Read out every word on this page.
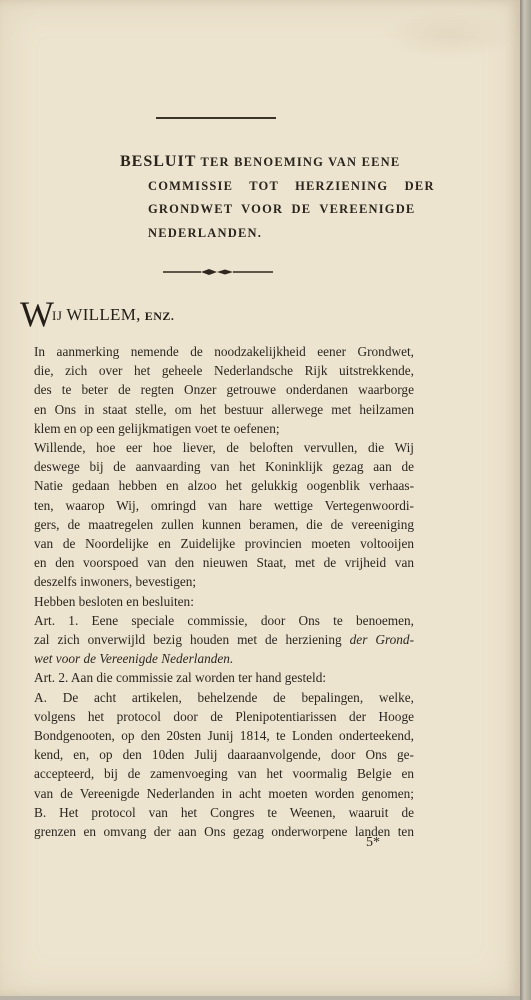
BESLUIT TER BENOEMING VAN EENE
COMMISSIE TOT HERZIENING DER
GRONDWET VOOR DE VEREENIGDE
NEDERLANDEN.
WIJ WILLEM, ENZ.
In aanmerking nemende de noodzakelijkheid eener Grondwet,
die, zich over het geheele Nederlandsche Rijk uitstrekkende,
des te beter de regten Onzer getrouwe onderdanen waarborge
en Ons in staat stelle, om het bestuur allerwege met heilzamen
klem en op een gelijkmatigen voet te oefenen;
Willende, hoe eer hoe liever, de beloften vervullen, die Wij
deswege bij de aanvaarding van het Koninklijk gezag aan de
Natie gedaan hebben en alzoo het gelukkig oogenblik verhaas-
ten, waarop Wij, omringd van hare wettige Vertegenwoordi-
gers, de maatregelen zullen kunnen beramen, die de vereeniging
van de Noordelijke en Zuidelijke provincien moeten voltooijen
en den voorspoed van den nieuwen Staat, met de vrijheid van
deszelfs inwoners, bevestigen;
Hebben besloten en besluiten:
Art. 1. Eene speciale commissie, door Ons te benoemen,
zal zich onverwijld bezig houden met de herziening der Grond-
wet voor de Vereenigde Nederlanden.
Art. 2. Aan die commissie zal worden ter hand gesteld:
A. De acht artikelen, behelzende de bepalingen, welke,
volgens het protocol door de Plenipotentiarissen der Hooge
Bondgenooten, op den 20sten Junij 1814, te Londen onderteekend,
kend, en, op den 10den Julij daaraanvolgende, door Ons ge-
accepteerd, bij de zamenvoeging van het voormalig Belgie en
van de Vereenigde Nederlanden in acht moeten worden genomen;
B. Het protocol van het Congres te Weenen, waaruit de
grenzen en omvang der aan Ons gezag onderworpene landen ten
5*
